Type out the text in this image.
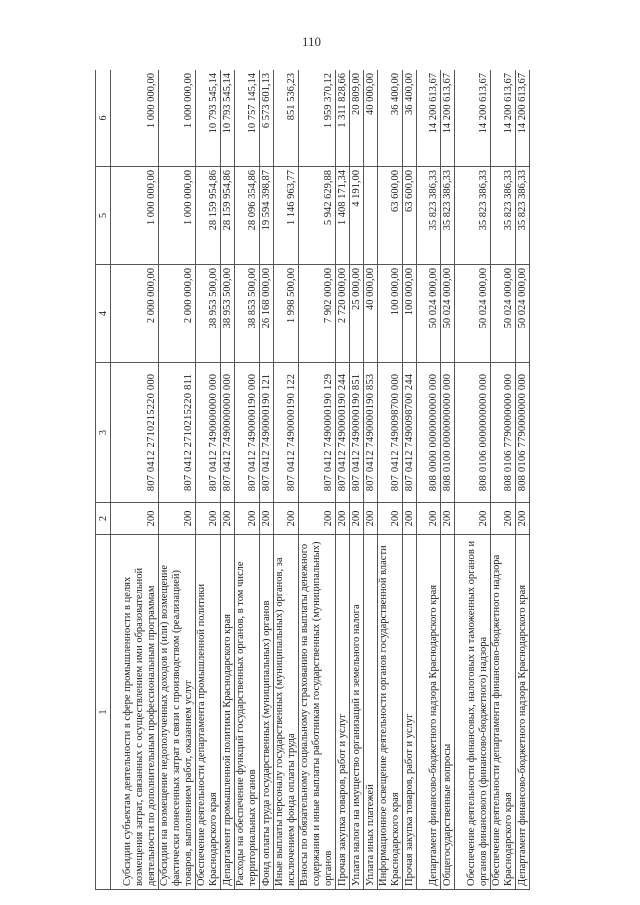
110
1	2	3	4	5	6
Субсидии субъектам деятельности в сфере промышленности в целях возмещения затрат, связанных с осуществлением ими образовательной деятельности по дополнительным профессиональным программам	200	807 0412 2710215220 000	2 000 000,00	1 000 000,00	1 000 000,00
Субсидии на возмещение недополученных доходов и (или) возмещение фактически понесенных затрат в связи с производством (реализацией) товаров, выполнением работ, оказанием услуг	200	807 0412 2710215220 811	2 000 000,00	1 000 000,00	1 000 000,00
Обеспечение деятельности департамента промышленной политики Краснодарского края	200	807 0412 7490000000 000	38 953 500,00	28 159 954,86	10 793 545,14
Департамент промышленной политики Краснодарского края	200	807 0412 7490000000 000	38 953 500,00	28 159 954,86	10 793 545,14
Расходы на обеспечение функций государственных органов, в том числе территориальных органов	200	807 0412 7490000190 000	38 853 500,00	28 096 354,86	10 757 145,14
Фонд оплаты труда государственных (муниципальных) органов	200	807 0412 7490000190 121	26 168 000,00	19 594 398,87	6 573 601,13
Иные выплаты персоналу государственных (муниципальных) органов, за исключением фонда оплаты труда	200	807 0412 7490000190 122	1 998 500,00	1 146 963,77	851 536,23
Взносы по обязательному социальному страхованию на выплаты денежного содержания и иные выплаты работникам государственных (муниципальных) органов	200	807 0412 7490000190 129	7 902 000,00	5 942 629,88	1 959 370,12
Прочая закупка товаров, работ и услуг	200	807 0412 7490000190 244	2 720 000,00	1 408 171,34	1 311 828,66
Уплата налога на имущество организаций и земельного налога	200	807 0412 7490000190 851	25 000,00	4 191,00	20 809,00
Уплата иных платежей	200	807 0412 7490000190 853	40 000,00		40 000,00
Информационное освещение деятельности органов государственной власти Краснодарского края	200	807 0412 7490098700 000	100 000,00	63 600,00	36 400,00
Прочая закупка товаров, работ и услуг	200	807 0412 7490098700 244	100 000,00	63 600,00	36 400,00
Департамент финансово-бюджетного надзора Краснодарского края	200	808 0000 0000000000 000	50 024 000,00	35 823 386,33	14 200 613,67
Общегосударственные вопросы	200	808 0100 0000000000 000	50 024 000,00	35 823 386,33	14 200 613,67
Обеспечение деятельности финансовых, налоговых и таможенных органов и органов финансового (финансово-бюджетного) надзора	200	808 0106 0000000000 000	50 024 000,00	35 823 386,33	14 200 613,67
Обеспечение деятельности департамента финансово-бюджетного надзора Краснодарского края	200	808 0106 7790000000 000	50 024 000,00	35 823 386,33	14 200 613,67
Департамент финансово-бюджетного надзора Краснодарского края	200	808 0106 7790000000 000	50 024 000,00	35 823 386,33	14 200 613,67
